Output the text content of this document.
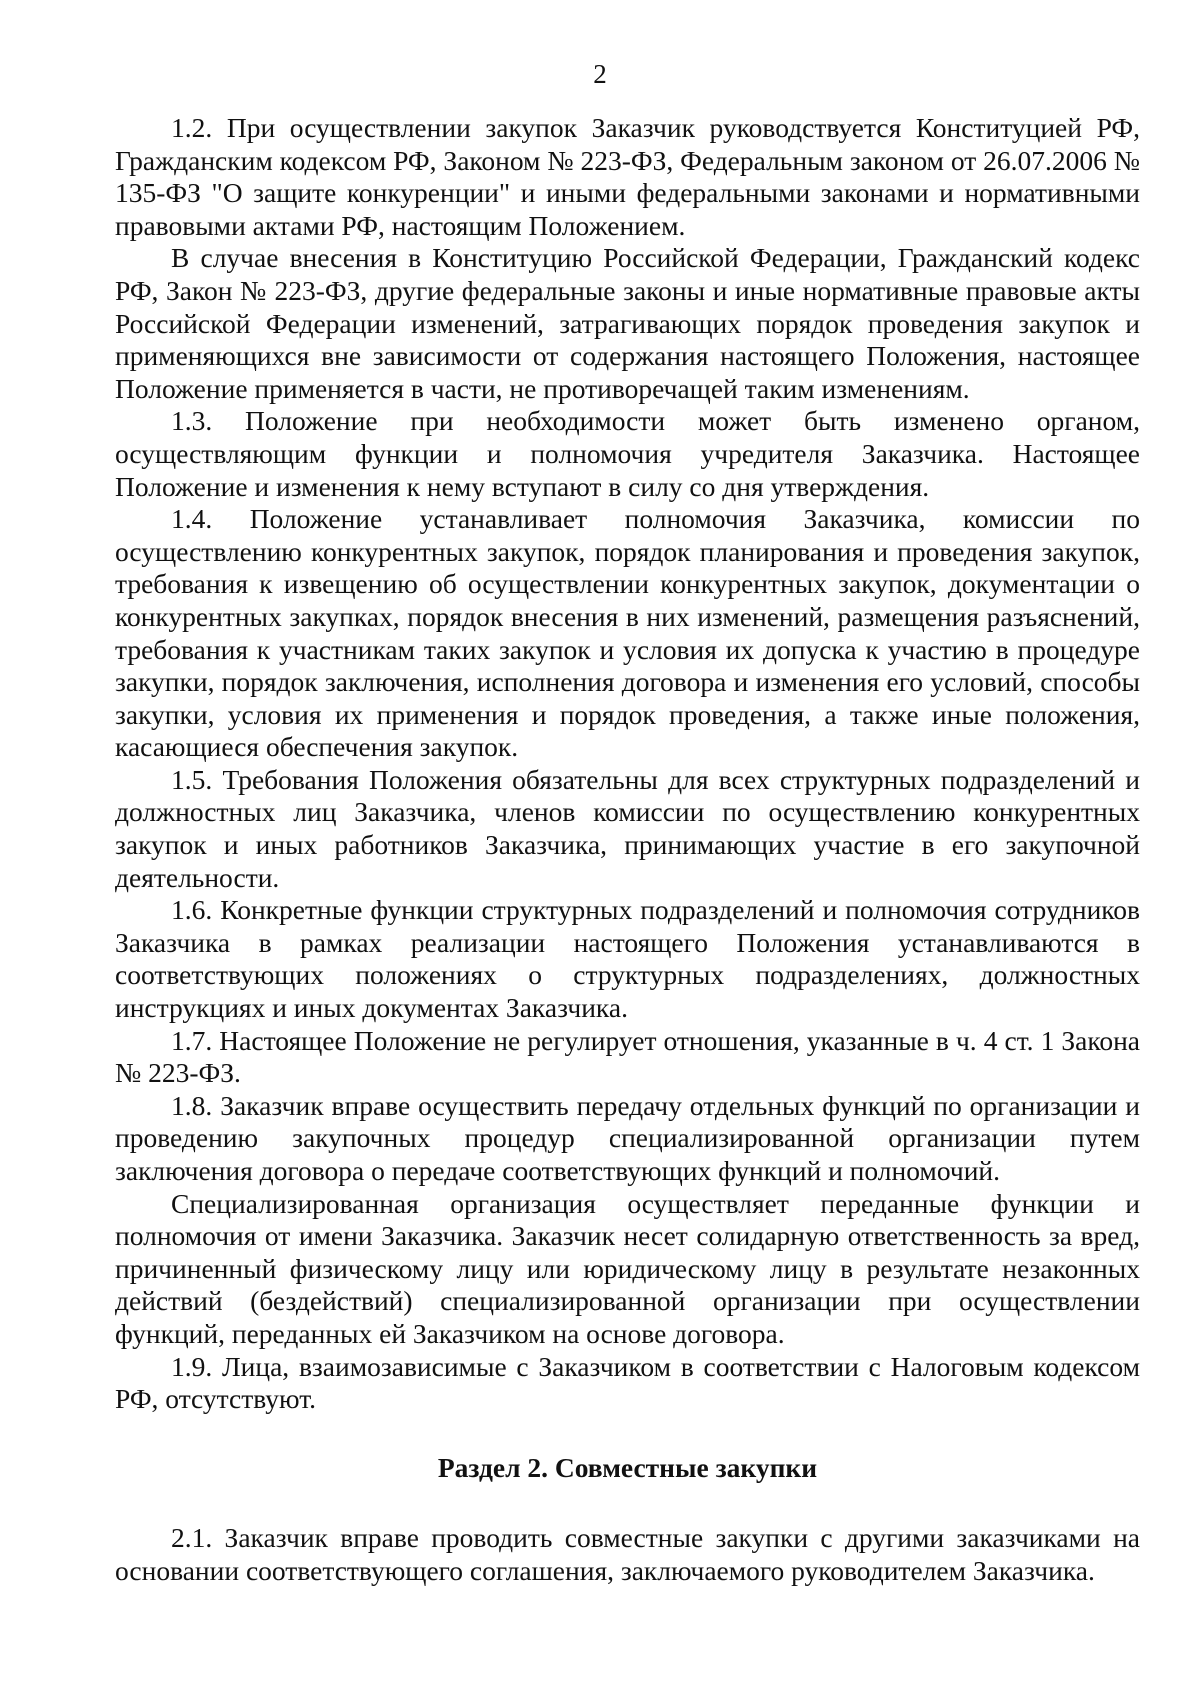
2

1.2. При осуществлении закупок Заказчик руководствуется Конституцией РФ, Гражданским кодексом РФ, Законом № 223-ФЗ, Федеральным законом от 26.07.2006 № 135-ФЗ "О защите конкуренции" и иными федеральными законами и нормативными правовыми актами РФ, настоящим Положением.

В случае внесения в Конституцию Российской Федерации, Гражданский кодекс РФ, Закон № 223-ФЗ, другие федеральные законы и иные нормативные правовые акты Российской Федерации изменений, затрагивающих порядок проведения закупок и применяющихся вне зависимости от содержания настоящего Положения, настоящее Положение применяется в части, не противоречащей таким изменениям.

1.3. Положение при необходимости может быть изменено органом, осуществляющим функции и полномочия учредителя Заказчика. Настоящее Положение и изменения к нему вступают в силу со дня утверждения.

1.4. Положение устанавливает полномочия Заказчика, комиссии по осуществлению конкурентных закупок, порядок планирования и проведения закупок, требования к извещению об осуществлении конкурентных закупок, документации о конкурентных закупках, порядок внесения в них изменений, размещения разъяснений, требования к участникам таких закупок и условия их допуска к участию в процедуре закупки, порядок заключения, исполнения договора и изменения его условий, способы закупки, условия их применения и порядок проведения, а также иные положения, касающиеся обеспечения закупок.

1.5. Требования Положения обязательны для всех структурных подразделений и должностных лиц Заказчика, членов комиссии по осуществлению конкурентных закупок и иных работников Заказчика, принимающих участие в его закупочной деятельности.

1.6. Конкретные функции структурных подразделений и полномочия сотрудников Заказчика в рамках реализации настоящего Положения устанавливаются в соответствующих положениях о структурных подразделениях, должностных инструкциях и иных документах Заказчика.

1.7. Настоящее Положение не регулирует отношения, указанные в ч. 4 ст. 1 Закона № 223-ФЗ.

1.8. Заказчик вправе осуществить передачу отдельных функций по организации и проведению закупочных процедур специализированной организации путем заключения договора о передаче соответствующих функций и полномочий.

Специализированная организация осуществляет переданные функции и полномочия от имени Заказчика. Заказчик несет солидарную ответственность за вред, причиненный физическому лицу или юридическому лицу в результате незаконных действий (бездействий) специализированной организации при осуществлении функций, переданных ей Заказчиком на основе договора.

1.9. Лица, взаимозависимые с Заказчиком в соответствии с Налоговым кодексом РФ, отсутствуют.

Раздел 2. Совместные закупки

2.1. Заказчик вправе проводить совместные закупки с другими заказчиками на основании соответствующего соглашения, заключаемого руководителем Заказчика.
